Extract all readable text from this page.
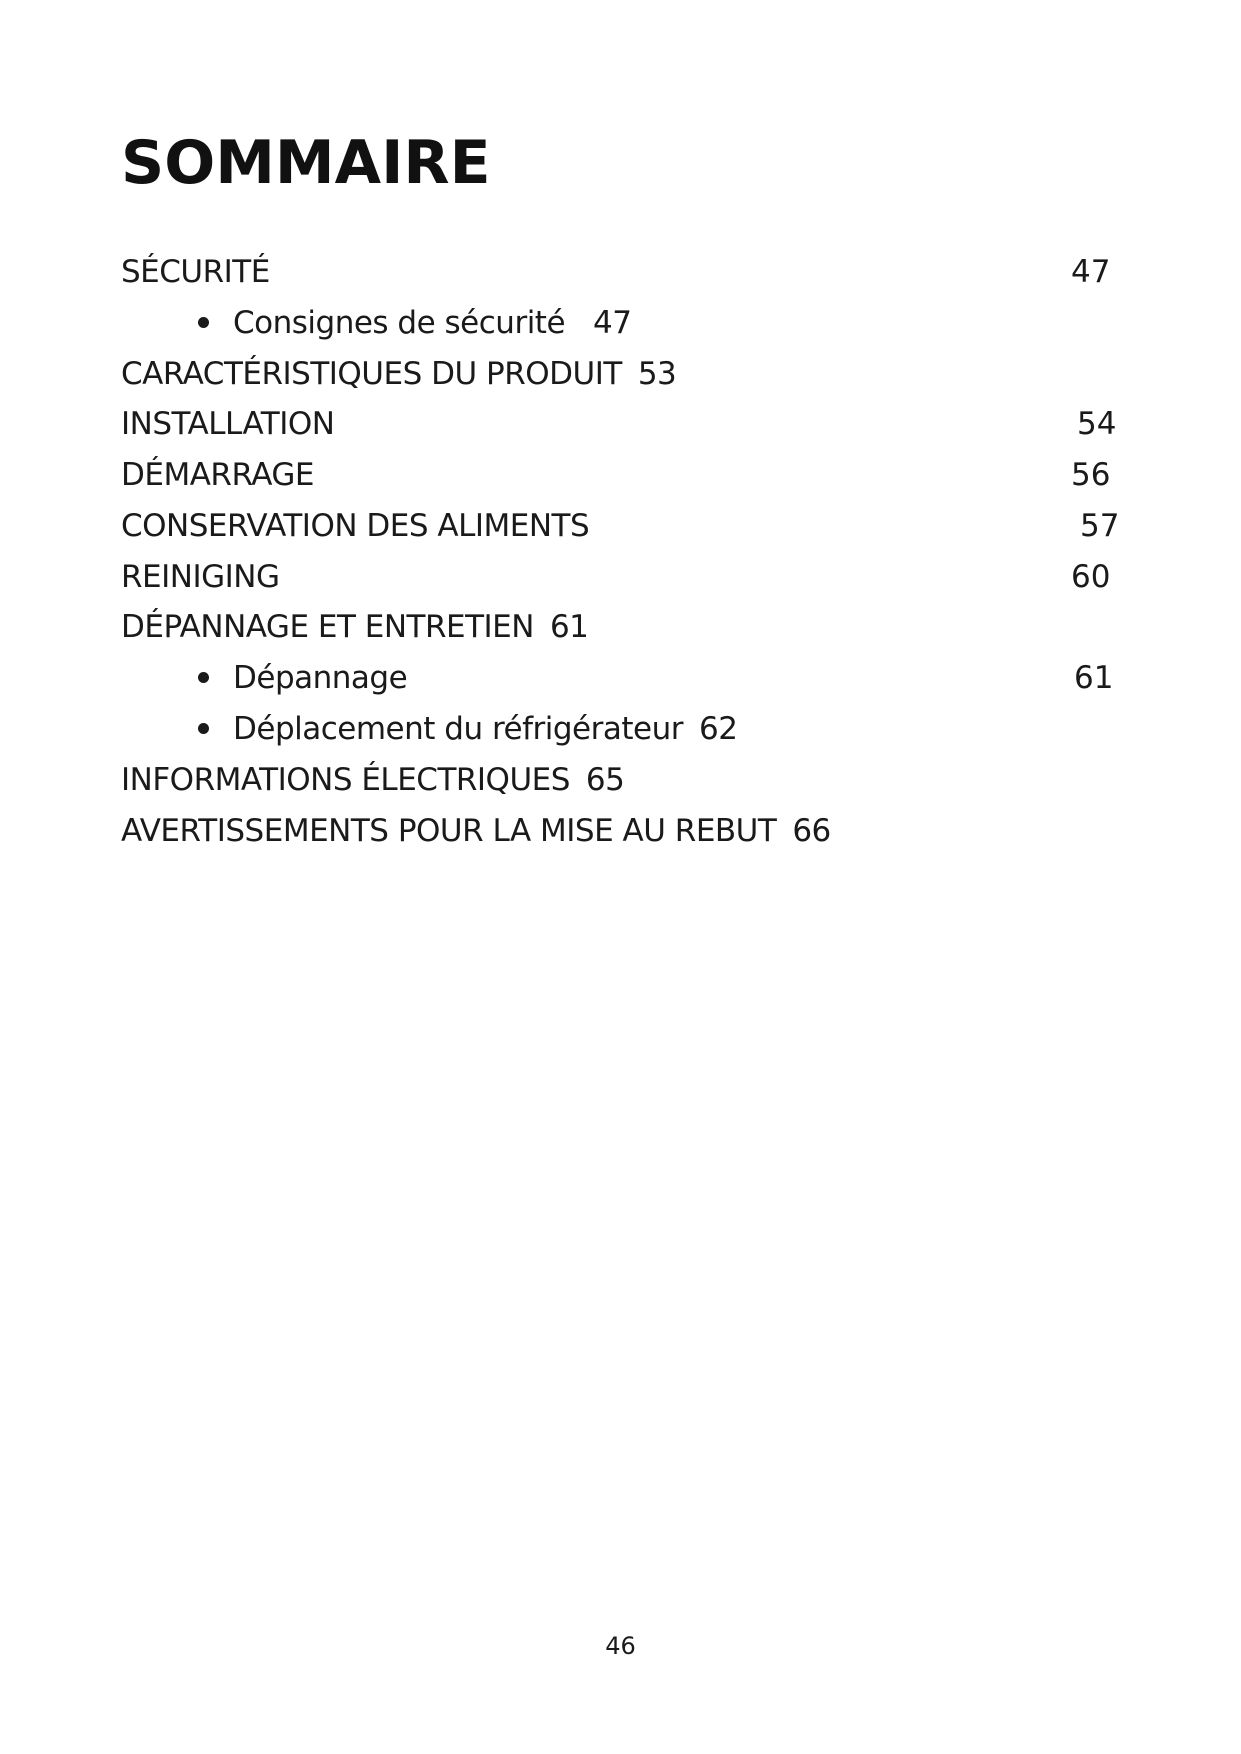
SOMMAIRE
SÉCURITÉ	47
Consignes de sécurité 47
CARACTÉRISTIQUES DU PRODUIT 53
INSTALLATION	54
DÉMARRAGE	56
CONSERVATION DES ALIMENTS	57
REINIGING	60
DÉPANNAGE ET ENTRETIEN 61
Dépannage	61
Déplacement du réfrigérateur 62
INFORMATIONS ÉLECTRIQUES 65
AVERTISSEMENTS POUR LA MISE AU REBUT 66
46
